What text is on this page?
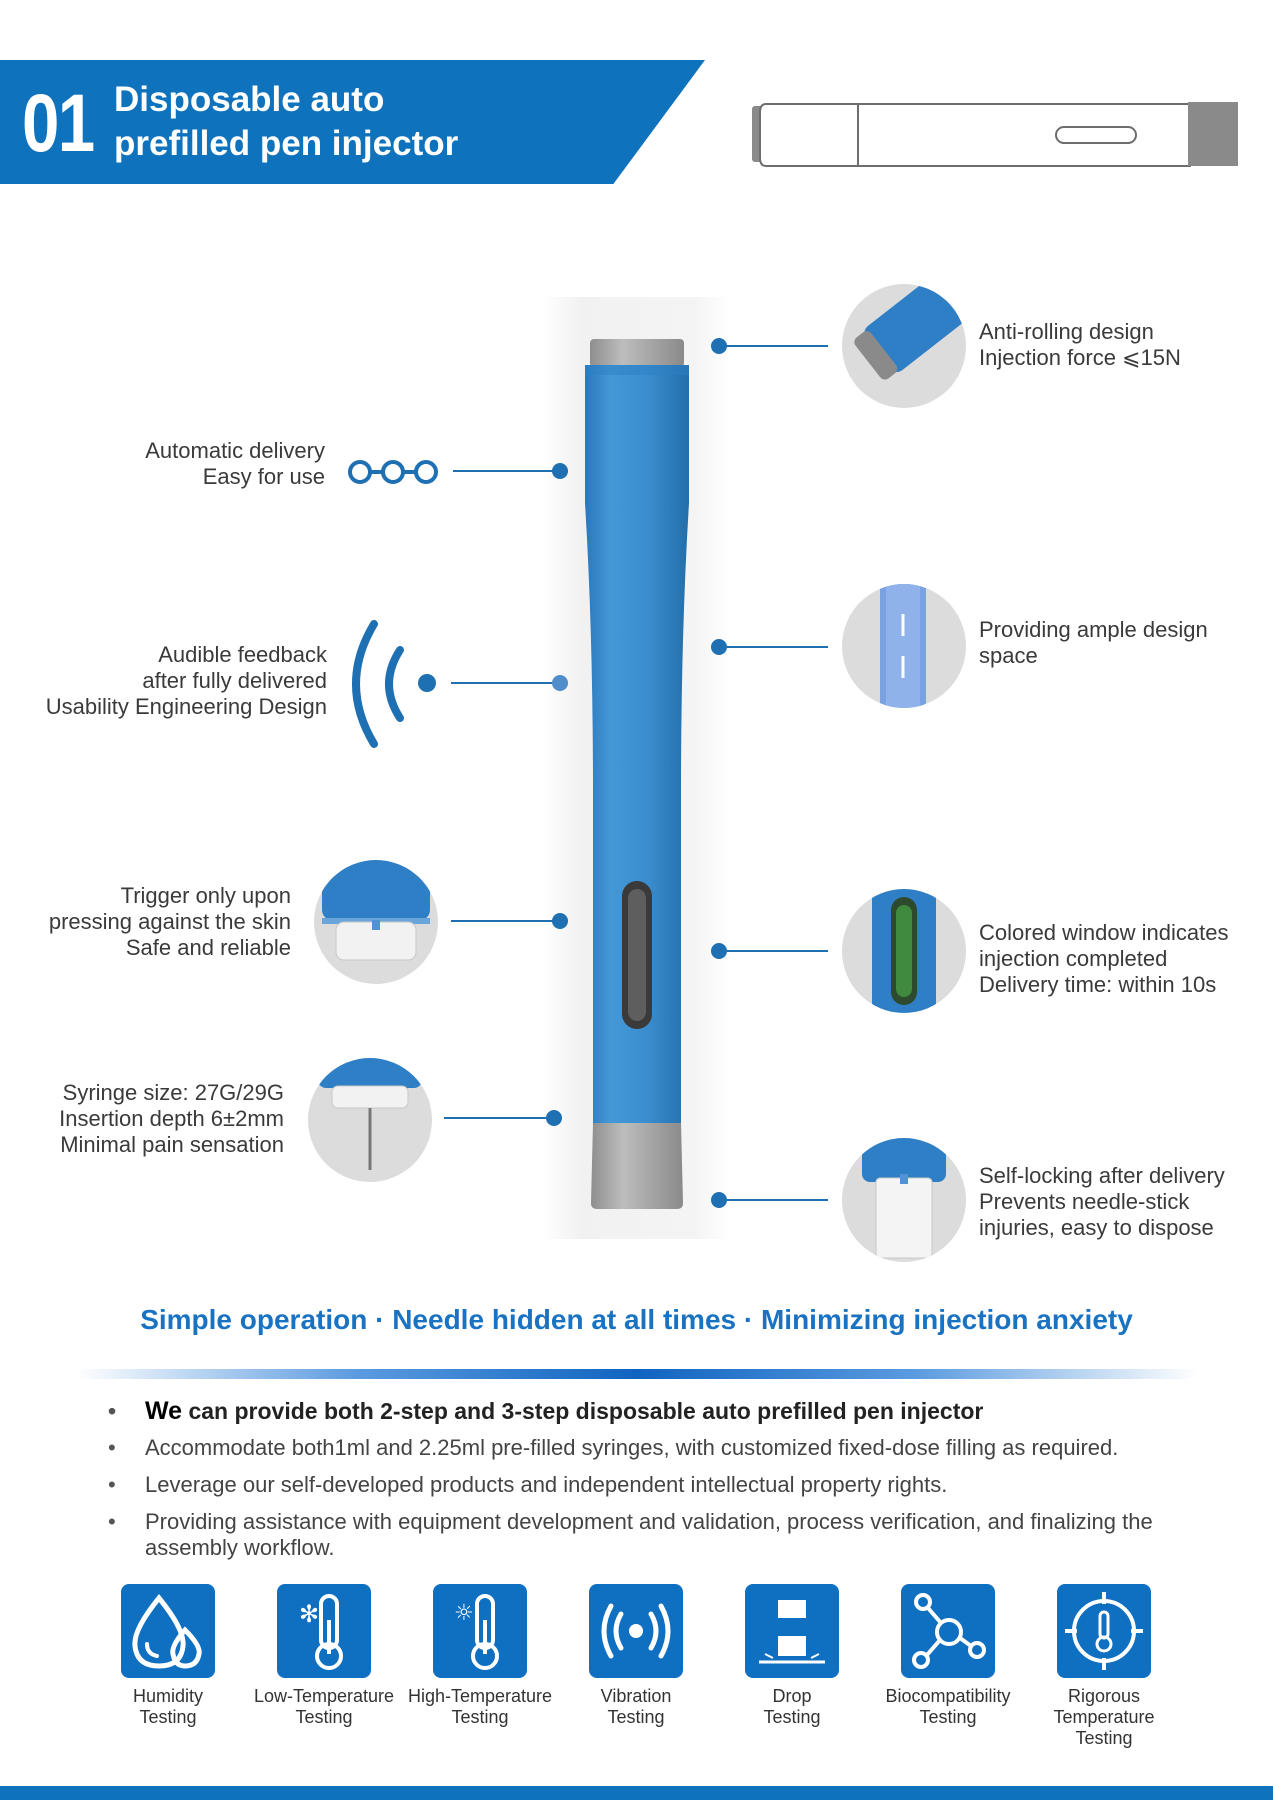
01 Disposable auto
prefilled pen injector
Automatic delivery
Easy for use
Audible feedback
after fully delivered
Usability Engineering Design
Trigger only upon
pressing against the skin
Safe and reliable
Syringe size: 27G/29G
Insertion depth 6±2mm
Minimal pain sensation
Anti-rolling design
Injection force ⩽15N
Providing ample design
space
Colored window indicates
injection completed
Delivery time: within 10s
Self-locking after delivery
Prevents needle-stick
injuries, easy to dispose
Simple operation · Needle hidden at all times · Minimizing injection anxiety
• We can provide both 2-step and 3-step disposable auto prefilled pen injector
• Accommodate both1ml and 2.25ml pre-filled syringes, with customized fixed-dose filling as required.
• Leverage our self-developed products and independent intellectual property rights.
• Providing assistance with equipment development and validation, process verification, and finalizing the assembly workflow.
✻	☼
Humidity
Testing
Low-Temperature
Testing
High-Temperature
Testing
Vibration
Testing
Drop
Testing
Biocompatibility
Testing
Rigorous
Temperature
Testing
